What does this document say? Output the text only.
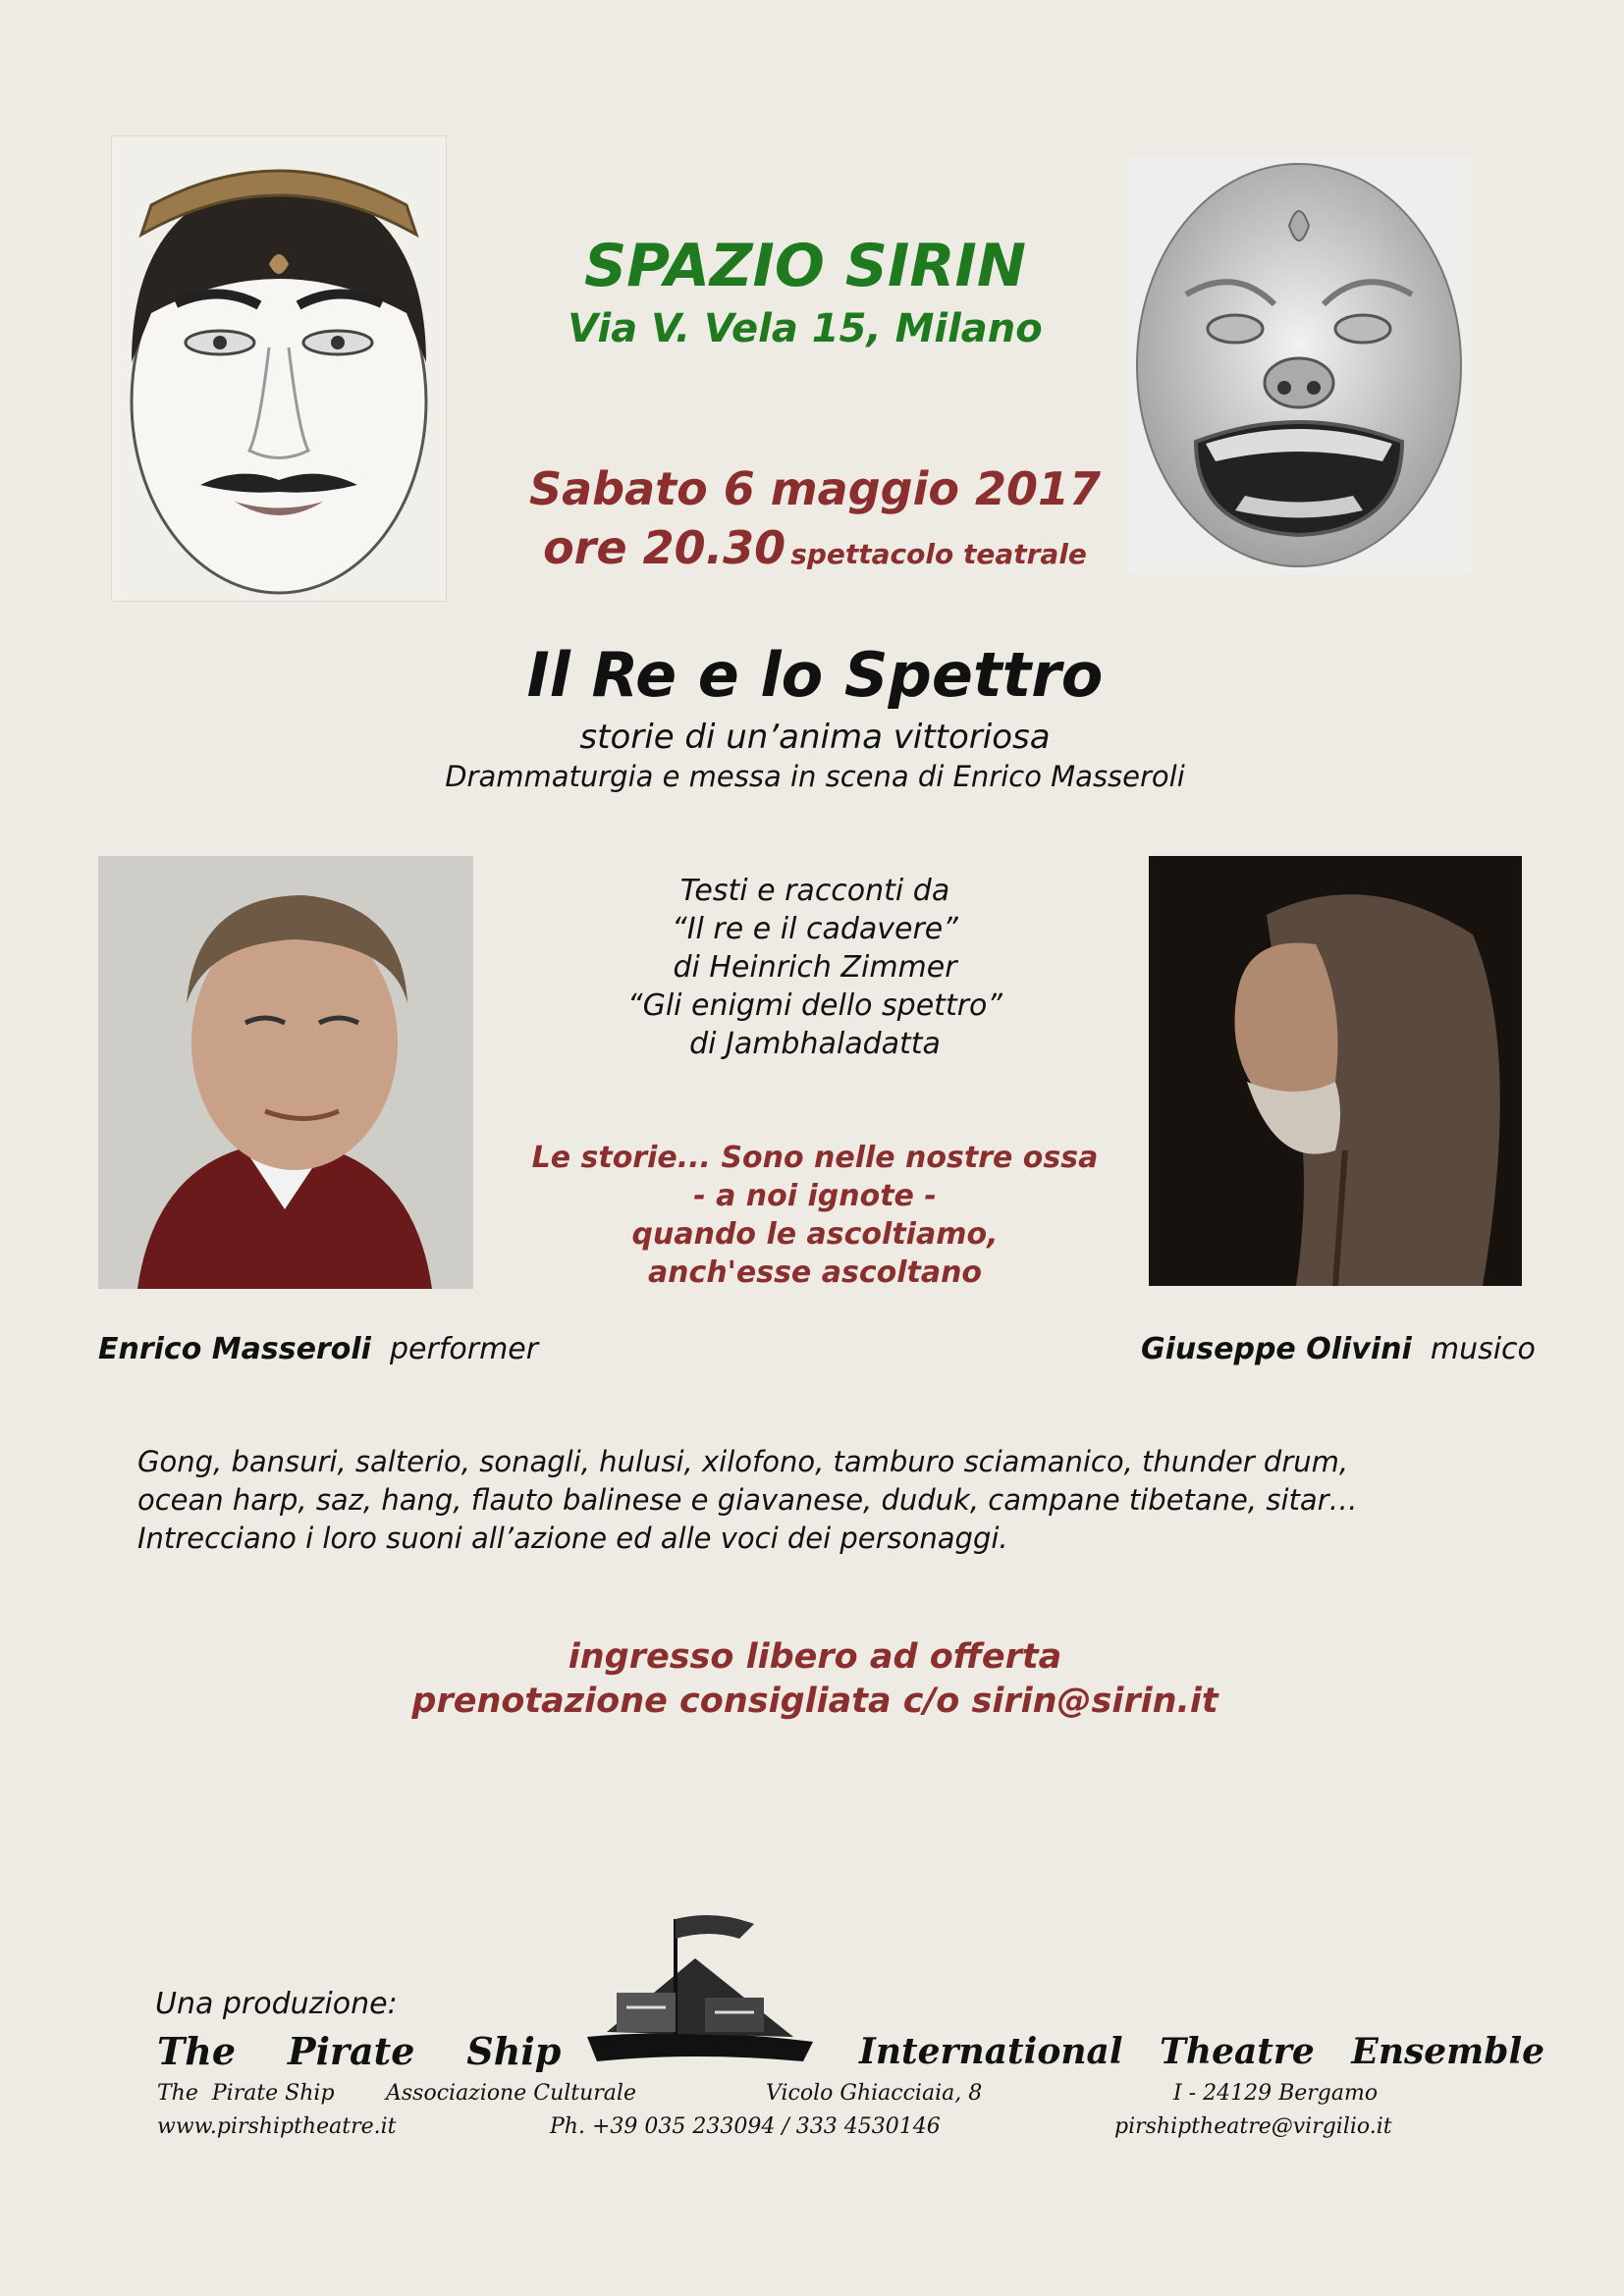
SPAZIO SIRIN
Via V. Vela 15, Milano
Sabato 6 maggio 2017
ore 20.30 spettacolo teatrale
Il Re e lo Spettro
storie di un’anima vittoriosa
Drammaturgia e messa in scena di Enrico Masseroli
Testi e racconti da
“Il re e il cadavere”
di Heinrich Zimmer
“Gli enigmi dello spettro”
di Jambhaladatta
Le storie... Sono nelle nostre ossa
- a noi ignote -
quando le ascoltiamo,
anch'esse ascoltano
Enrico Masseroli performer	Giuseppe Olivini musico
Gong, bansuri, salterio, sonagli, hulusi, xilofono, tamburo sciamanico, thunder drum,
ocean harp, saz, hang, flauto balinese e giavanese, duduk, campane tibetane, sitar…
Intrecciano i loro suoni all’azione ed alle voci dei personaggi.
ingresso libero ad offerta
prenotazione consigliata c/o sirin@sirin.it
Una produzione:
The    Pirate    Ship	International   Theatre   Ensemble
The  Pirate Ship Associazione Culturale	Vicolo Ghiacciaia, 8	I - 24129 Bergamo
www.pirshiptheatre.it	Ph. +39 035 233094 / 333 4530146	pirshiptheatre@virgilio.it
